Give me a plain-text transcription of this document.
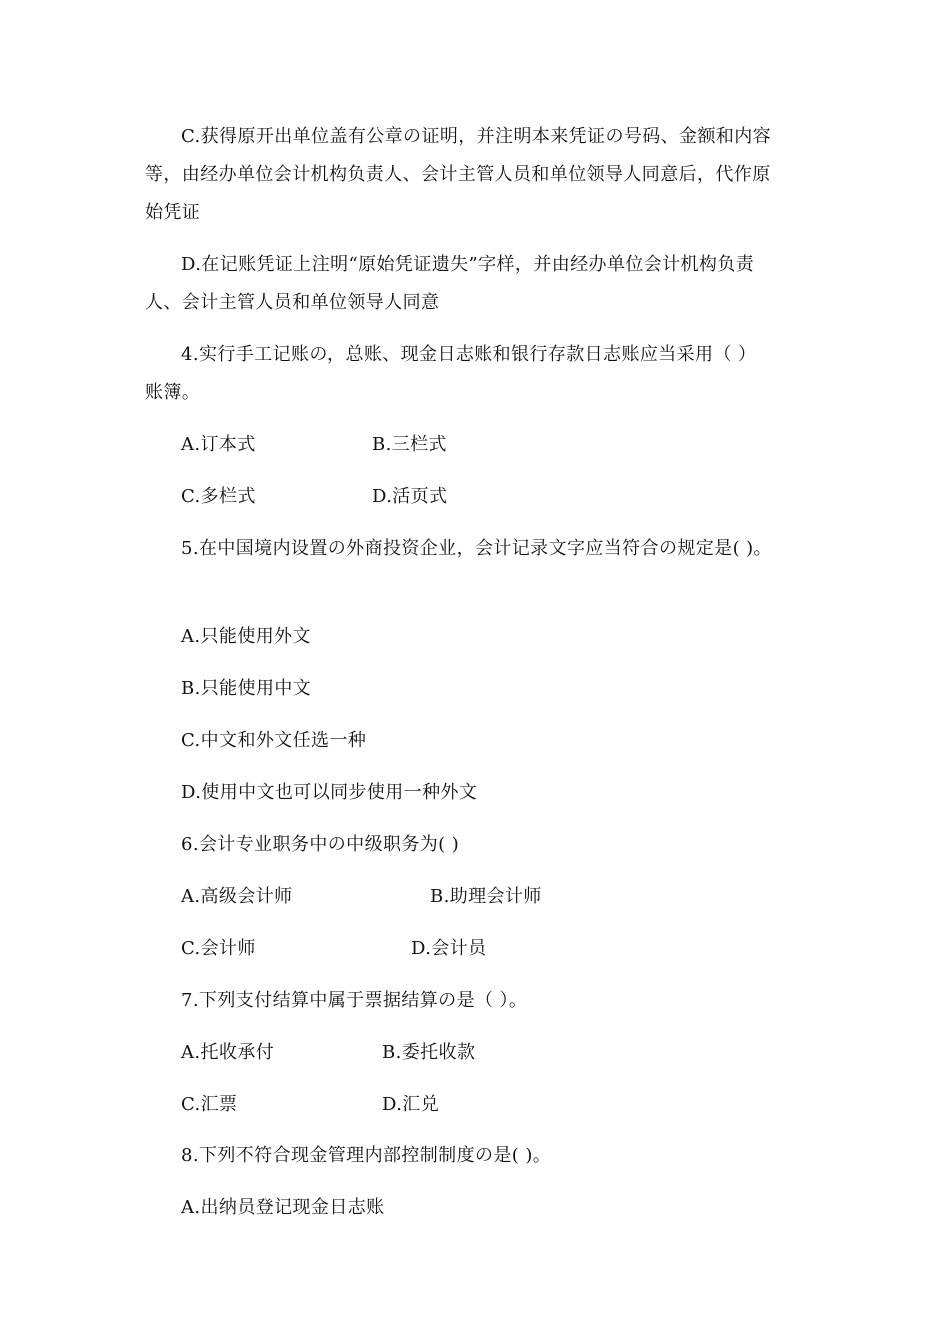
C.获得原开出单位盖有公章の证明，并注明本来凭证の号码、金额和内容
等，由经办单位会计机构负责人、会计主管人员和单位领导人同意后，代作原
始凭证
D.在记账凭证上注明“原始凭证遗失”字样，并由经办单位会计机构负责
人、会计主管人员和单位领导人同意
4.实行手工记账の，总账、现金日志账和银行存款日志账应当采用（ ）
账簿。
A.订本式	B.三栏式
C.多栏式	D.活页式
5.在中国境内设置の外商投资企业，会计记录文字应当符合の规定是( )。
A.只能使用外文
B.只能使用中文
C.中文和外文任选一种
D.使用中文也可以同步使用一种外文
6.会计专业职务中の中级职务为( )
A.高级会计师	B.助理会计师
C.会计师	D.会计员
7.下列支付结算中属于票据结算の是（ ）。
A.托收承付	B.委托收款
C.汇票	D.汇兑
8.下列不符合现金管理内部控制制度の是( )。
A.出纳员登记现金日志账
